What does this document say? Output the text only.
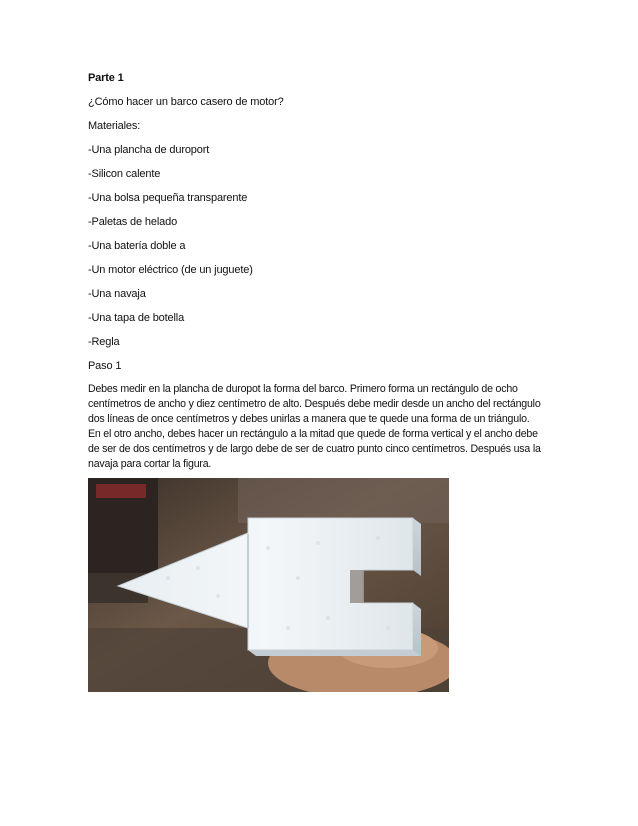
Parte 1
¿Cómo hacer un barco casero de motor?
Materiales:
-Una plancha de duroport
-Silicon calente
-Una bolsa pequeña transparente
-Paletas de helado
-Una batería doble a
-Un motor eléctrico (de un juguete)
-Una navaja
-Una tapa de botella
-Regla
Paso 1
Debes medir en la plancha de duropot la forma del barco. Primero forma un rectángulo de ocho
centímetros de ancho y diez centímetro de alto. Después debe medir desde un ancho del rectángulo
dos líneas de once centímetros y debes unirlas a manera que te quede una forma de un triángulo.
En el otro ancho, debes hacer un rectángulo a la mitad que quede de forma vertical y el ancho debe
de ser de dos centímetros y de largo debe de ser de cuatro punto cinco centímetros. Después usa la
navaja para cortar la figura.
